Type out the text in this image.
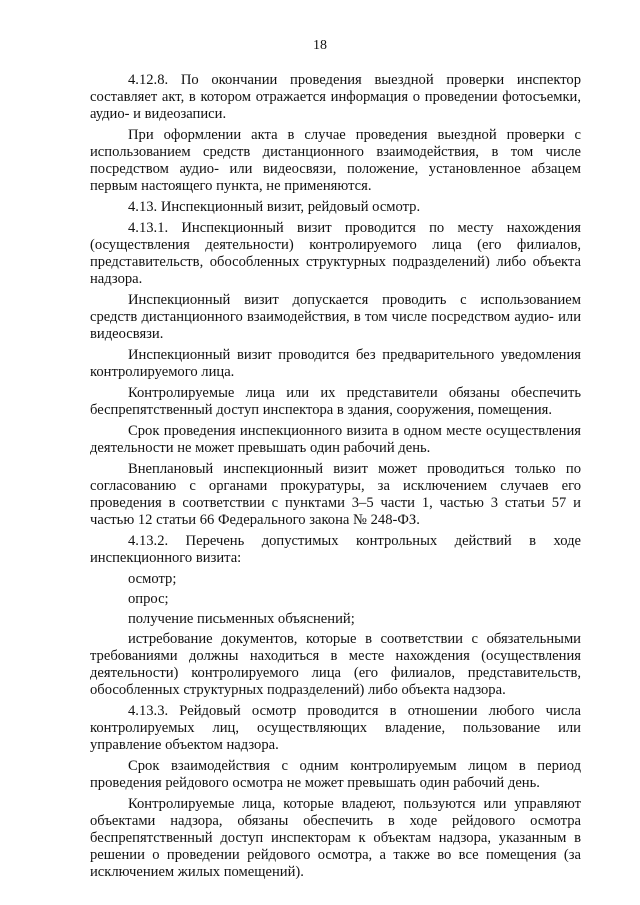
18

4.12.8. По окончании проведения выездной проверки инспектор составляет акт, в котором отражается информация о проведении фотосъемки, аудио- и видеозаписи.

При оформлении акта в случае проведения выездной проверки с использованием средств дистанционного взаимодействия, в том числе посредством аудио- или видеосвязи, положение, установленное абзацем первым настоящего пункта, не применяются.

4.13. Инспекционный визит, рейдовый осмотр.

4.13.1. Инспекционный визит проводится по месту нахождения (осуществления деятельности) контролируемого лица (его филиалов, представительств, обособленных структурных подразделений) либо объекта надзора.

Инспекционный визит допускается проводить с использованием средств дистанционного взаимодействия, в том числе посредством аудио- или видеосвязи.

Инспекционный визит проводится без предварительного уведомления контролируемого лица.

Контролируемые лица или их представители обязаны обеспечить беспрепятственный доступ инспектора в здания, сооружения, помещения.

Срок проведения инспекционного визита в одном месте осуществления деятельности не может превышать один рабочий день.

Внеплановый инспекционный визит может проводиться только по согласованию с органами прокуратуры, за исключением случаев его проведения в соответствии с пунктами 3–5 части 1, частью 3 статьи 57 и частью 12 статьи 66 Федерального закона № 248-ФЗ.

4.13.2. Перечень допустимых контрольных действий в ходе инспекционного визита:

осмотр;

опрос;

получение письменных объяснений;

истребование документов, которые в соответствии с обязательными требованиями должны находиться в месте нахождения (осуществления деятельности) контролируемого лица (его филиалов, представительств, обособленных структурных подразделений) либо объекта надзора.

4.13.3. Рейдовый осмотр проводится в отношении любого числа контролируемых лиц, осуществляющих владение, пользование или управление объектом надзора.

Срок взаимодействия с одним контролируемым лицом в период проведения рейдового осмотра не может превышать один рабочий день.

Контролируемые лица, которые владеют, пользуются или управляют объектами надзора, обязаны обеспечить в ходе рейдового осмотра беспрепятственный доступ инспекторам к объектам надзора, указанным в решении о проведении рейдового осмотра, а также во все помещения (за исключением жилых помещений).
